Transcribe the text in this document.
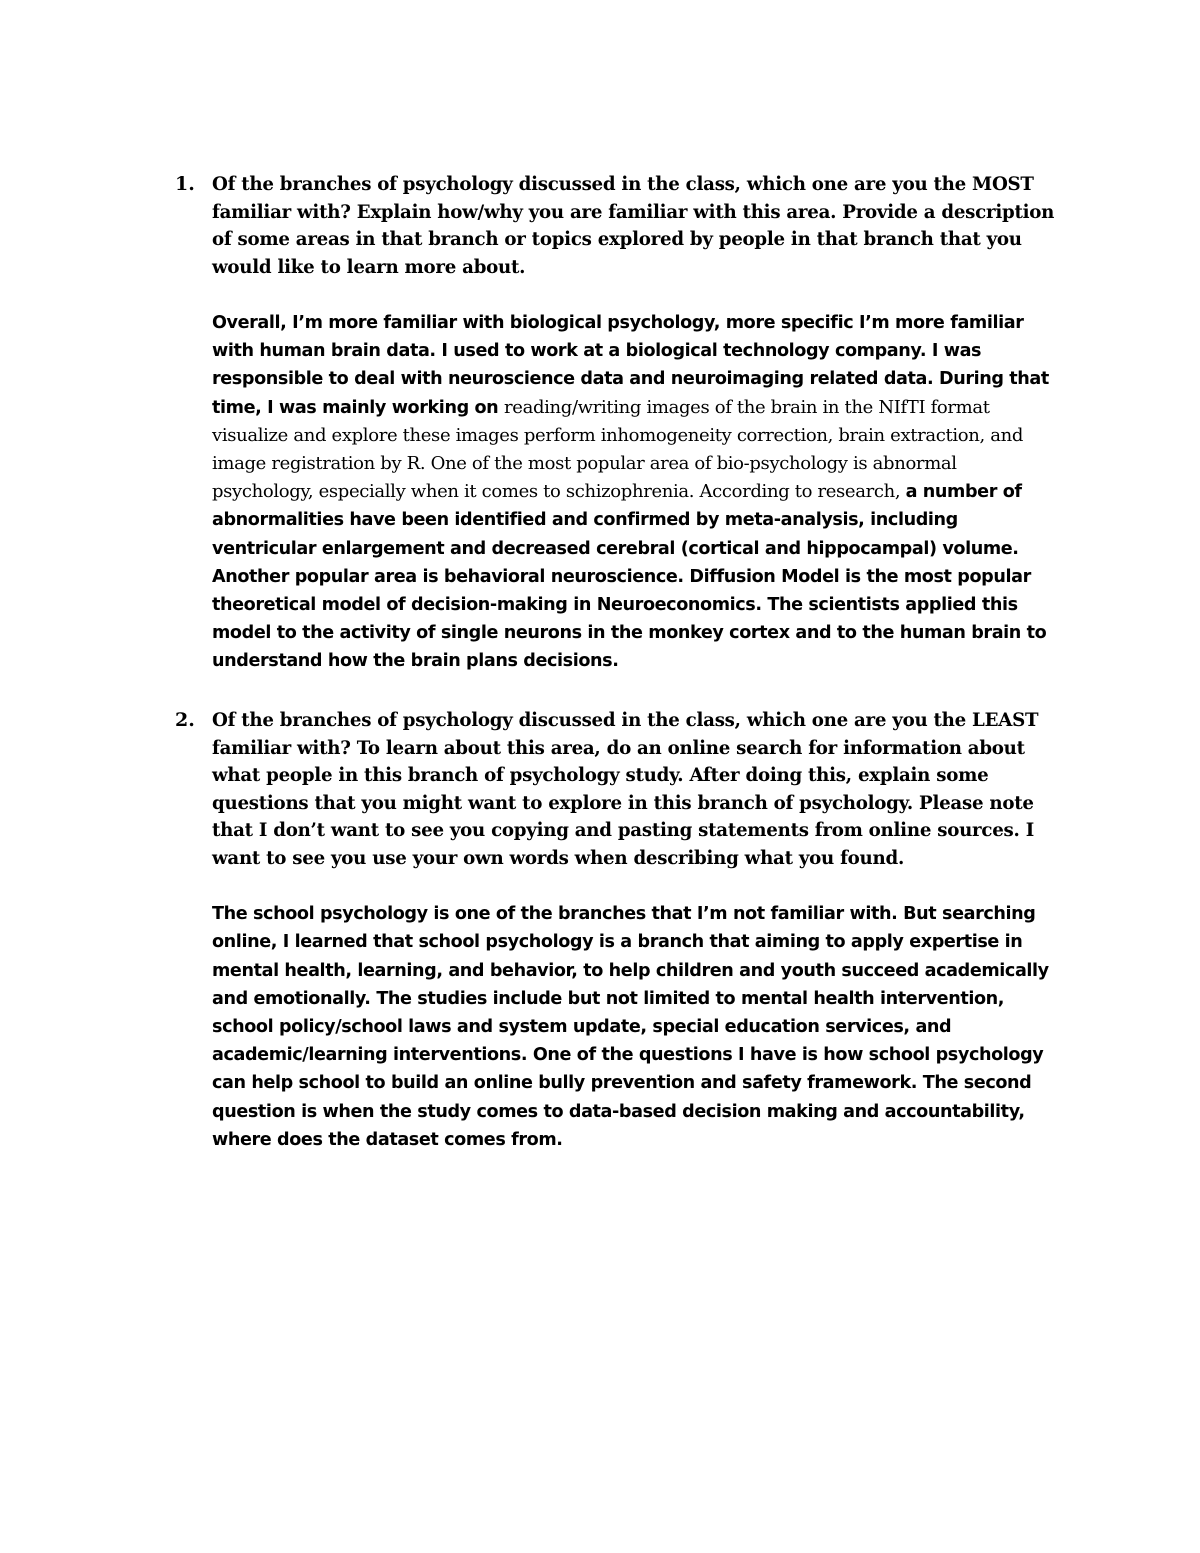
1. Of the branches of psychology discussed in the class, which one are you the MOST familiar with? Explain how/why you are familiar with this area. Provide a description of some areas in that branch or topics explored by people in that branch that you would like to learn more about.
Overall, I’m more familiar with biological psychology, more specific I’m more familiar with human brain data. I used to work at a biological technology company. I was responsible to deal with neuroscience data and neuroimaging related data. During that time, I was mainly working on reading/writing images of the brain in the NIfTI format visualize and explore these images perform inhomogeneity correction, brain extraction, and image registration by R. One of the most popular area of bio-psychology is abnormal psychology, especially when it comes to schizophrenia. According to research, a number of abnormalities have been identified and confirmed by meta-analysis, including ventricular enlargement and decreased cerebral (cortical and hippocampal) volume. Another popular area is behavioral neuroscience. Diffusion Model is the most popular theoretical model of decision-making in Neuroeconomics. The scientists applied this model to the activity of single neurons in the monkey cortex and to the human brain to understand how the brain plans decisions.
2. Of the branches of psychology discussed in the class, which one are you the LEAST familiar with? To learn about this area, do an online search for information about what people in this branch of psychology study. After doing this, explain some questions that you might want to explore in this branch of psychology. Please note that I don’t want to see you copying and pasting statements from online sources. I want to see you use your own words when describing what you found.
The school psychology is one of the branches that I’m not familiar with. But searching online, I learned that school psychology is a branch that aiming to apply expertise in mental health, learning, and behavior, to help children and youth succeed academically and emotionally. The studies include but not limited to mental health intervention, school policy/school laws and system update, special education services, and academic/learning interventions. One of the questions I have is how school psychology can help school to build an online bully prevention and safety framework. The second question is when the study comes to data-based decision making and accountability, where does the dataset comes from.
